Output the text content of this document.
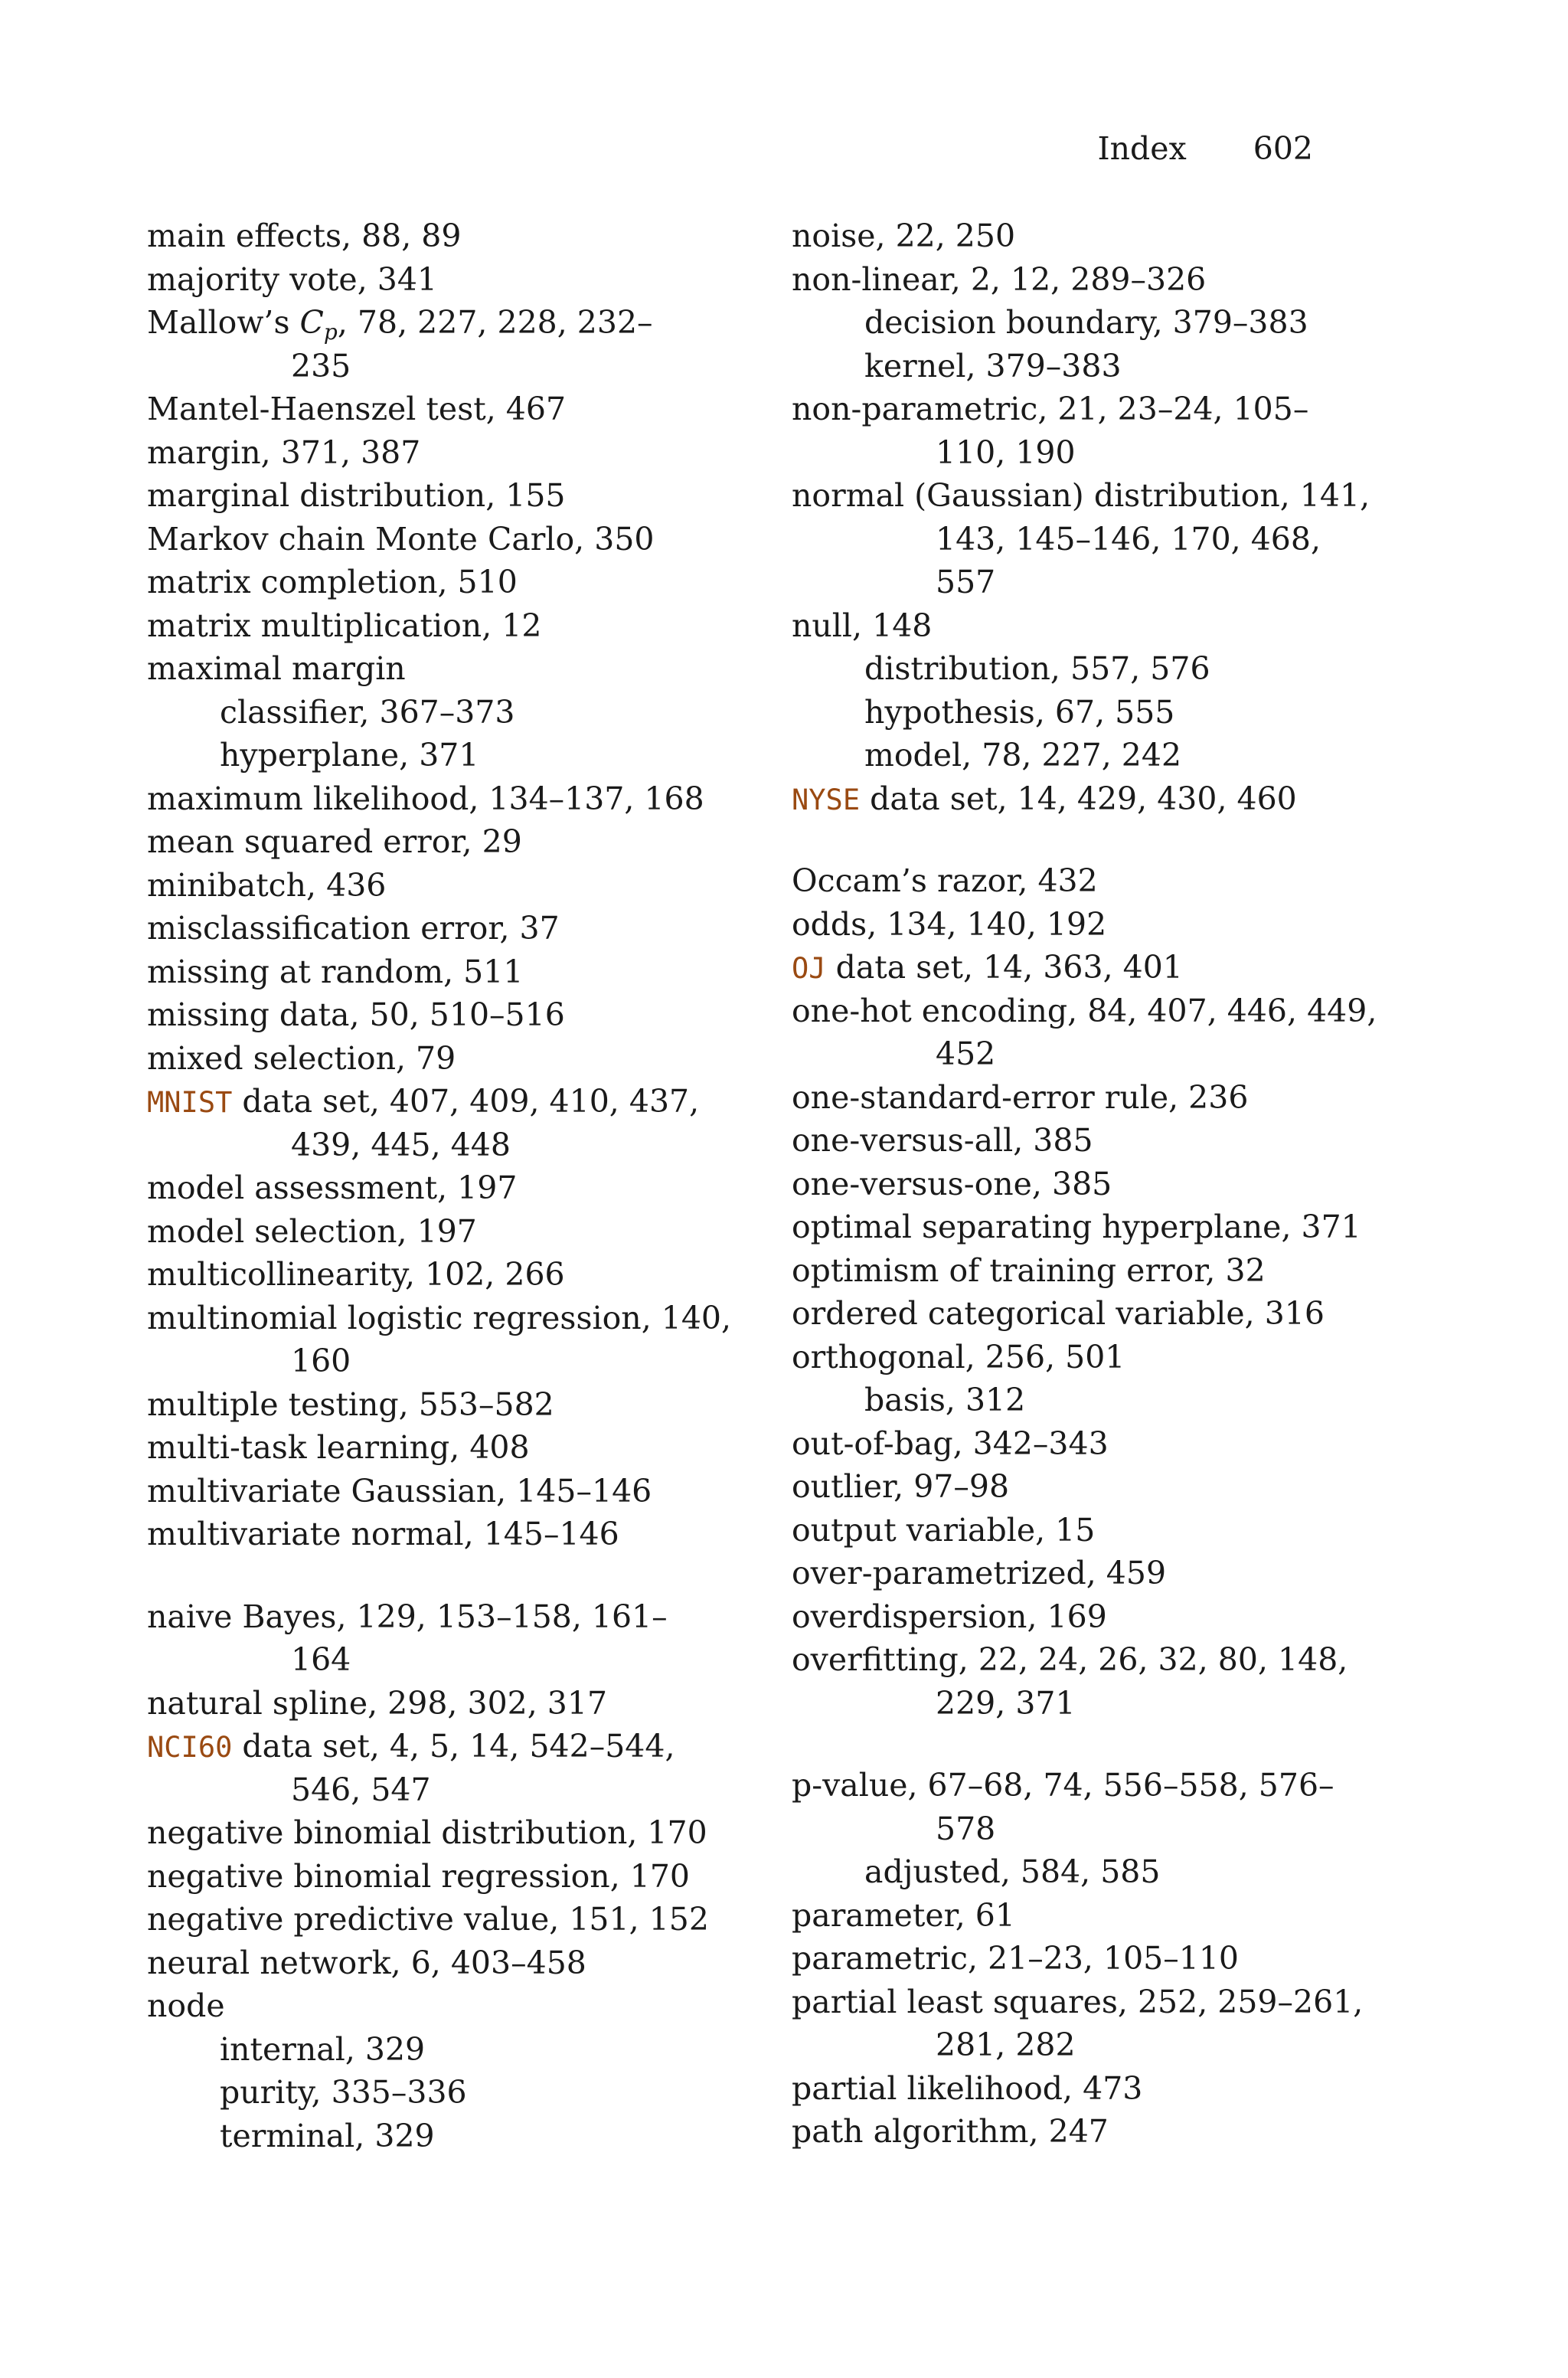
Index 602
main effects, 88, 89
majority vote, 341
Mallow’s $C_p$, 78, 227, 228, 232–
235
Mantel-Haenszel test, 467
margin, 371, 387
marginal distribution, 155
Markov chain Monte Carlo, 350
matrix completion, 510
matrix multiplication, 12
maximal margin
classifier, 367–373
hyperplane, 371
maximum likelihood, 134–137, 168
mean squared error, 29
minibatch, 436
misclassification error, 37
missing at random, 511
missing data, 50, 510–516
mixed selection, 79
MNIST data set, 407, 409, 410, 437,
439, 445, 448
model assessment, 197
model selection, 197
multicollinearity, 102, 266
multinomial logistic regression, 140,
160
multiple testing, 553–582
multi-task learning, 408
multivariate Gaussian, 145–146
multivariate normal, 145–146
naive Bayes, 129, 153–158, 161–
164
natural spline, 298, 302, 317
NCI60 data set, 4, 5, 14, 542–544,
546, 547
negative binomial distribution, 170
negative binomial regression, 170
negative predictive value, 151, 152
neural network, 6, 403–458
node
internal, 329
purity, 335–336
terminal, 329
noise, 22, 250
non-linear, 2, 12, 289–326
decision boundary, 379–383
kernel, 379–383
non-parametric, 21, 23–24, 105–
110, 190
normal (Gaussian) distribution, 141,
143, 145–146, 170, 468,
557
null, 148
distribution, 557, 576
hypothesis, 67, 555
model, 78, 227, 242
NYSE data set, 14, 429, 430, 460
Occam’s razor, 432
odds, 134, 140, 192
OJ data set, 14, 363, 401
one-hot encoding, 84, 407, 446, 449,
452
one-standard-error rule, 236
one-versus-all, 385
one-versus-one, 385
optimal separating hyperplane, 371
optimism of training error, 32
ordered categorical variable, 316
orthogonal, 256, 501
basis, 312
out-of-bag, 342–343
outlier, 97–98
output variable, 15
over-parametrized, 459
overdispersion, 169
overfitting, 22, 24, 26, 32, 80, 148,
229, 371
p-value, 67–68, 74, 556–558, 576–
578
adjusted, 584, 585
parameter, 61
parametric, 21–23, 105–110
partial least squares, 252, 259–261,
281, 282
partial likelihood, 473
path algorithm, 247
